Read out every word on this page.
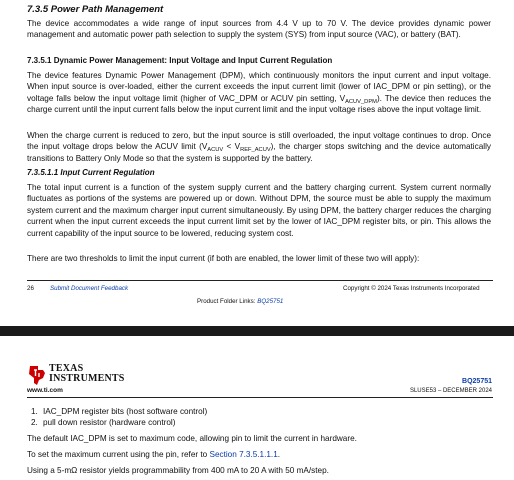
7.3.5 Power Path Management

The device accommodates a wide range of input sources from 4.4 V up to 70 V. The device provides dynamic power management and automatic power path selection to supply the system (SYS) from input source (VAC), or battery (BAT).

7.3.5.1 Dynamic Power Management: Input Voltage and Input Current Regulation

The device features Dynamic Power Management (DPM), which continuously monitors the input current and input voltage. When input source is over-loaded, either the current exceeds the input current limit (lower of IAC_DPM or pin setting), or the voltage falls below the input voltage limit (higher of VAC_DPM or ACUV pin setting, $V_{ACUV\_DPM}$). The device then reduces the charge current until the input current falls below the input current limit and the input voltage rises above the input voltage limit.

When the charge current is reduced to zero, but the input source is still overloaded, the input voltage continues to drop. Once the input voltage drops below the ACUV limit $(V_{ACUV} < V_{REF\_ACUV})$, the charger stops switching and the device automatically transitions to Battery Only Mode so that the system is supported by the battery.

7.3.5.1.1 Input Current Regulation

The total input current is a function of the system supply current and the battery charging current. System current normally fluctuates as portions of the systems are powered up or down. Without DPM, the source must be able to supply the maximum system current and the maximum charger input current simultaneously. By using DPM, the battery charger reduces the charging current when the input current exceeds the input current limit set by the lower of IAC_DPM register bits, or pin. This allows the current capability of the input source to be lowered, reducing system cost.

There are two thresholds to limit the input current (if both are enabled, the lower limit of these two will apply):

26	Submit Document Feedback	Copyright © 2024 Texas Instruments Incorporated
Product Folder Links: BQ25751
TEXAS
INSTRUMENTS
www.ti.com
BQ25751
SLUSE53 – DECEMBER 2024
1. IAC_DPM register bits (host software control)
2. pull down resistor (hardware control)

The default IAC_DPM is set to maximum code, allowing pin to limit the current in hardware.

To set the maximum current using the pin, refer to Section 7.3.5.1.1.1.

Using a 5-mΩ resistor yields programmability from 400 mA to 20 A with 50 mA/step.
